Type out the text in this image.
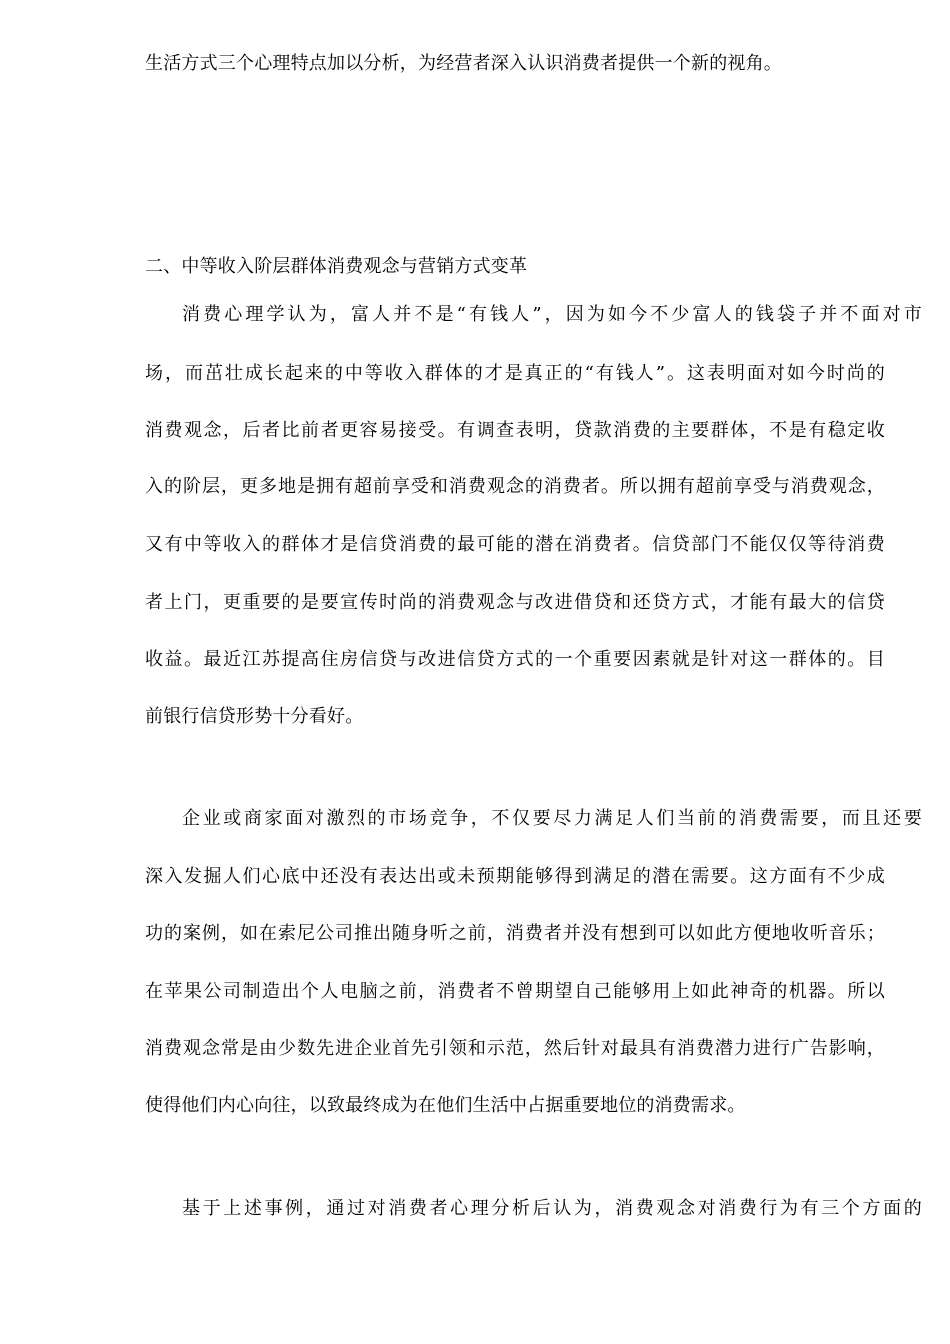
生活方式三个心理特点加以分析，为经营者深入认识消费者提供一个新的视角。
二、中等收入阶层群体消费观念与营销方式变革
消费心理学认为，富人并不是“有钱人”，因为如今不少富人的钱袋子并不面对市
场，而茁壮成长起来的中等收入群体的才是真正的“有钱人”。这表明面对如今时尚的
消费观念，后者比前者更容易接受。有调查表明，贷款消费的主要群体，不是有稳定收
入的阶层，更多地是拥有超前享受和消费观念的消费者。所以拥有超前享受与消费观念，
又有中等收入的群体才是信贷消费的最可能的潜在消费者。信贷部门不能仅仅等待消费
者上门，更重要的是要宣传时尚的消费观念与改进借贷和还贷方式，才能有最大的信贷
收益。最近江苏提高住房信贷与改进信贷方式的一个重要因素就是针对这一群体的。目
前银行信贷形势十分看好。
企业或商家面对激烈的市场竞争，不仅要尽力满足人们当前的消费需要，而且还要
深入发掘人们心底中还没有表达出或未预期能够得到满足的潜在需要。这方面有不少成
功的案例，如在索尼公司推出随身听之前，消费者并没有想到可以如此方便地收听音乐；
在苹果公司制造出个人电脑之前，消费者不曾期望自己能够用上如此神奇的机器。所以
消费观念常是由少数先进企业首先引领和示范，然后针对最具有消费潜力进行广告影响，
使得他们内心向往，以致最终成为在他们生活中占据重要地位的消费需求。
基于上述事例，通过对消费者心理分析后认为，消费观念对消费行为有三个方面的
